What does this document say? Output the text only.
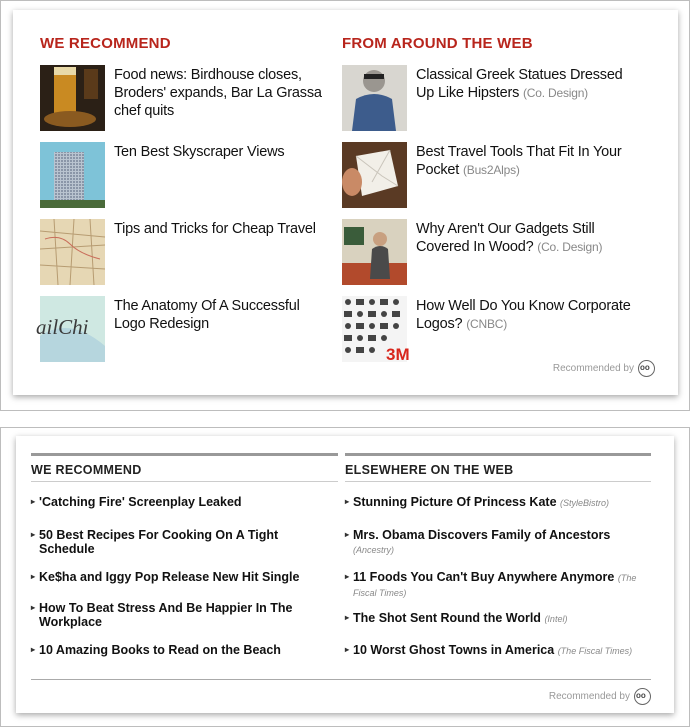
WE RECOMMEND
Food news: Birdhouse closes, Broders' expands, Bar La Grassa chef quits
Ten Best Skyscraper Views
Tips and Tricks for Cheap Travel
ailChi
The Anatomy Of A Successful Logo Redesign
FROM AROUND THE WEB
Classical Greek Statues Dressed Up Like Hipsters (Co. Design)
Best Travel Tools That Fit In Your Pocket (Bus2Alps)
Why Aren't Our Gadgets Still Covered In Wood? (Co. Design)
3M
How Well Do You Know Corporate Logos? (CNBC)
Recommended by
oo
WE RECOMMEND
▸ 'Catching Fire' Screenplay Leaked
▸ 50 Best Recipes For Cooking On A Tight Schedule
▸ Ke$ha and Iggy Pop Release New Hit Single
▸ How To Beat Stress And Be Happier In The Workplace
▸ 10 Amazing Books to Read on the Beach
ELSEWHERE ON THE WEB
▸ Stunning Picture Of Princess Kate (StyleBistro)
▸ Mrs. Obama Discovers Family of Ancestors
(Ancestry)
▸ 11 Foods You Can't Buy Anywhere Anymore (The Fiscal Times)
▸ The Shot Sent Round the World (Intel)
▸ 10 Worst Ghost Towns in America (The Fiscal Times)
Recommended by
oo
